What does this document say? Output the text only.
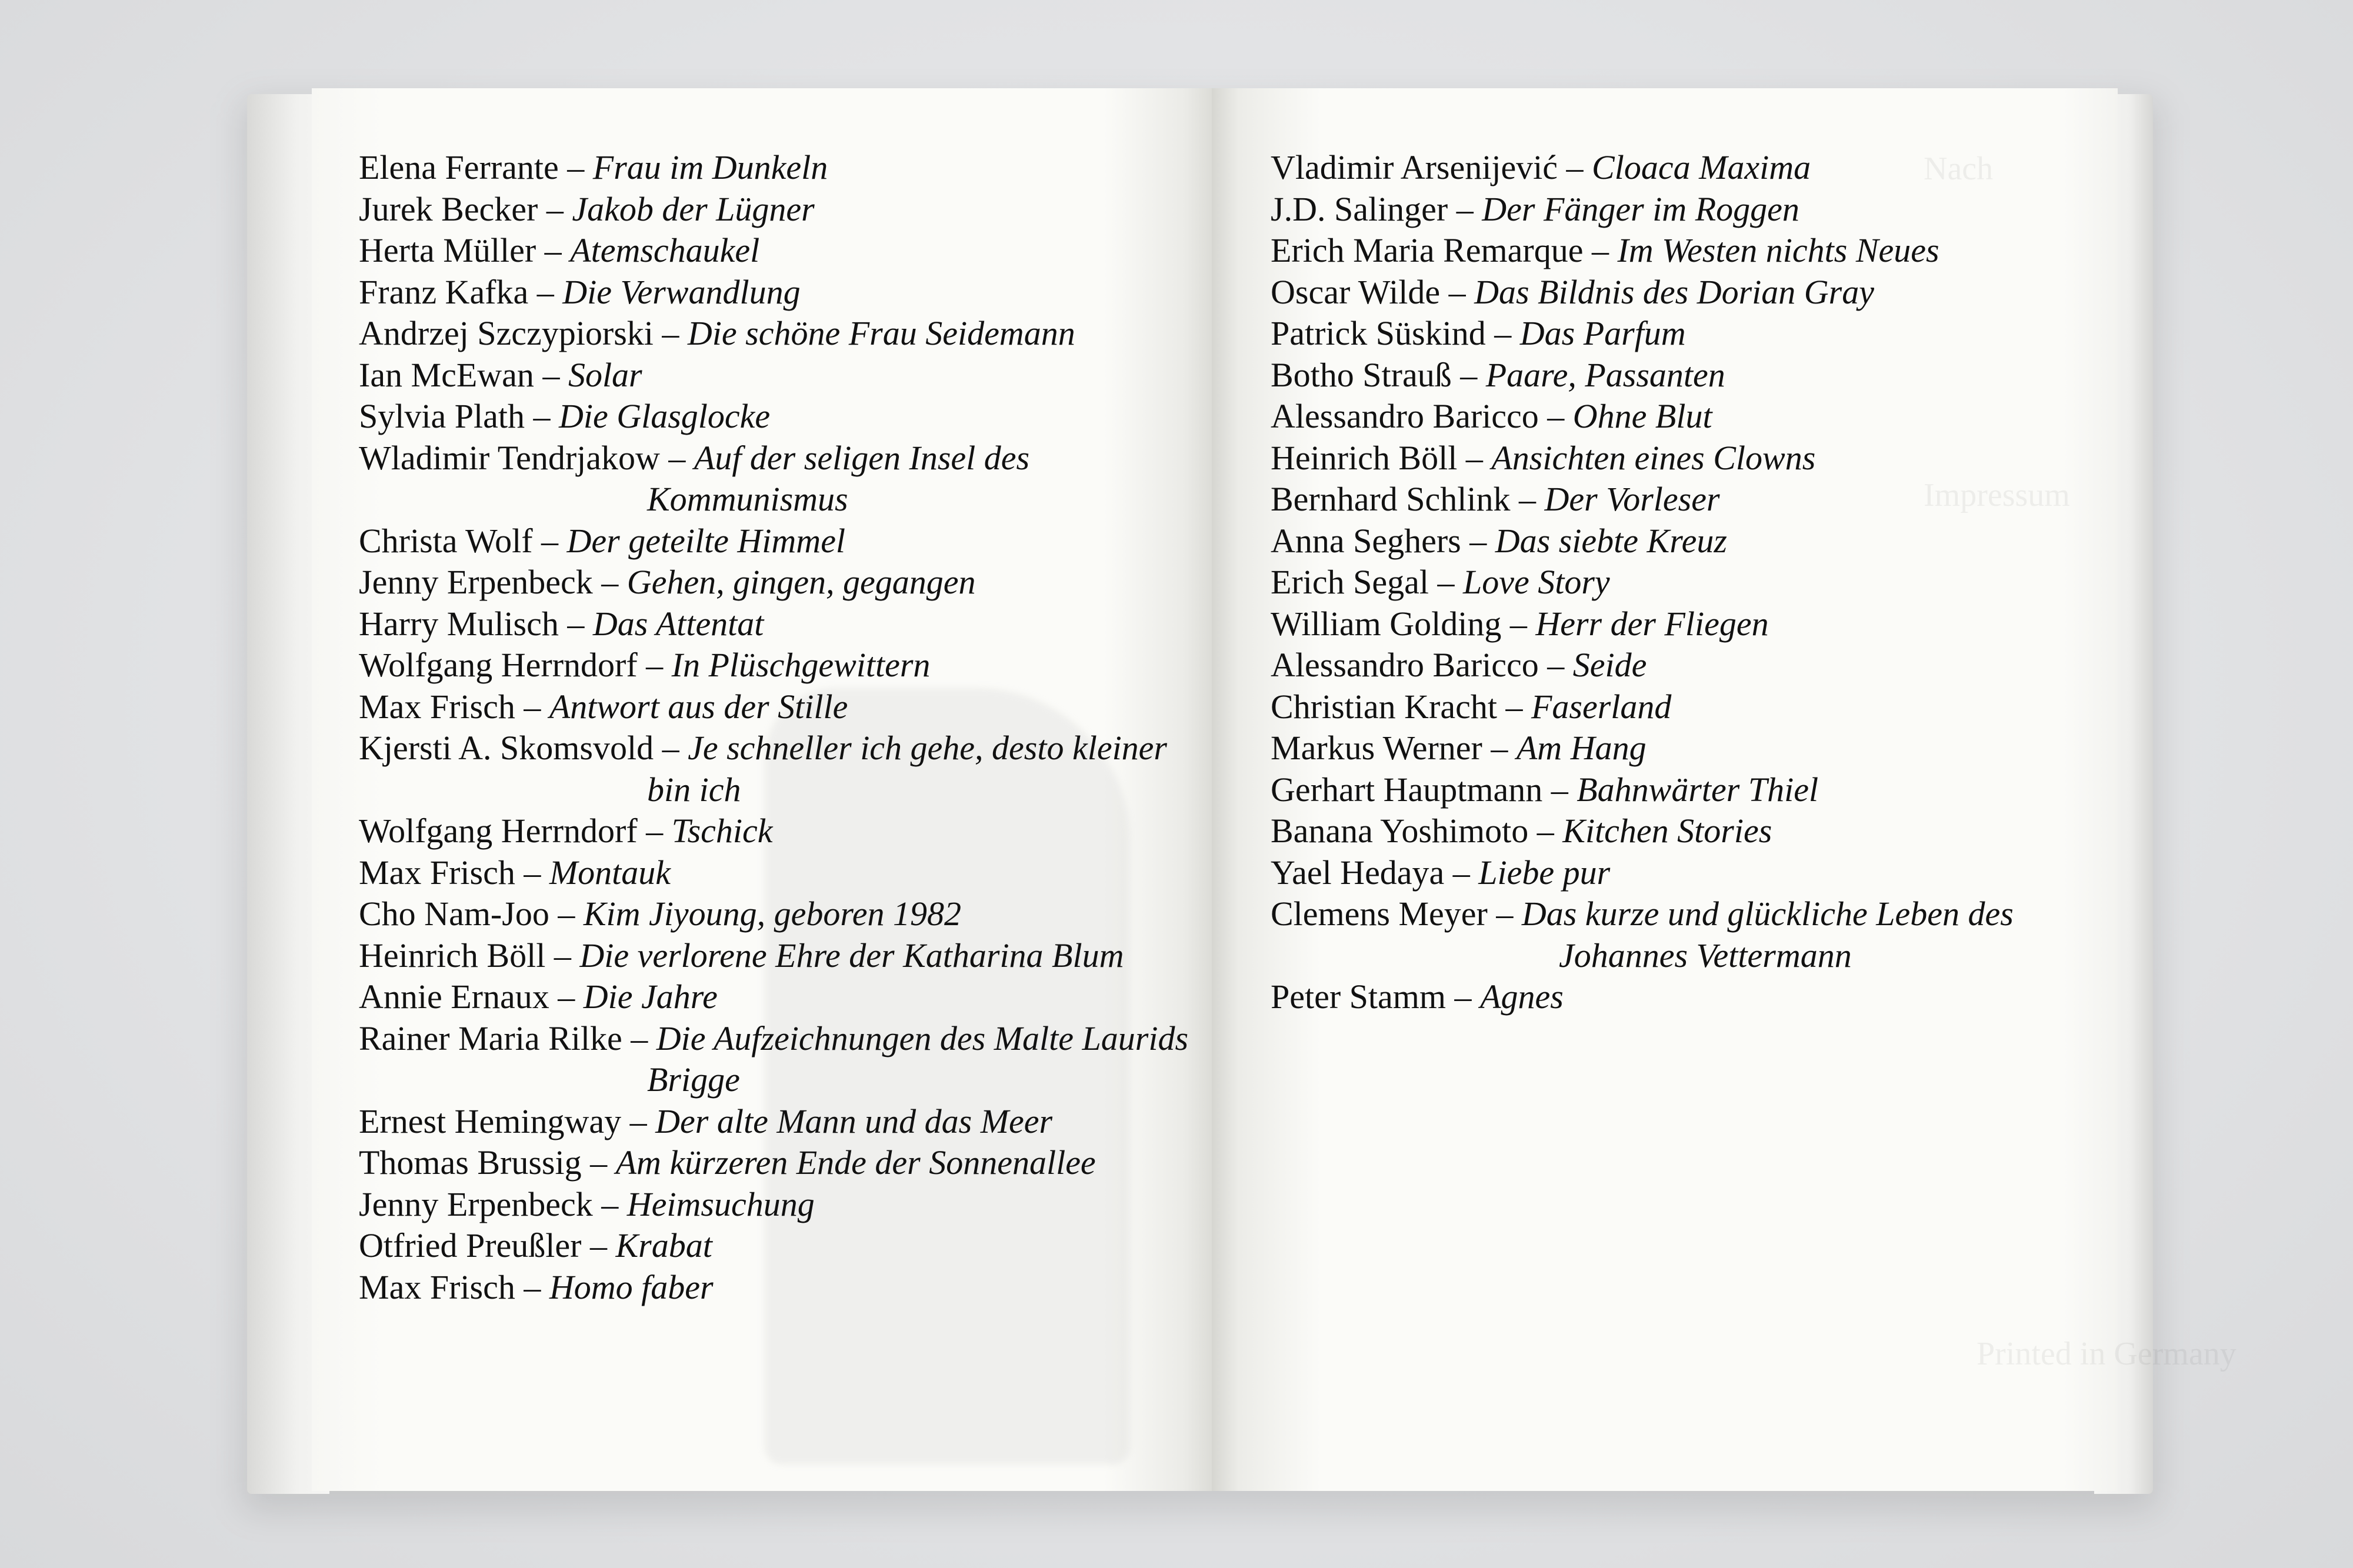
Elena Ferrante – Frau im Dunkeln
Jurek Becker – Jakob der Lügner
Herta Müller – Atemschaukel
Franz Kafka – Die Verwandlung
Andrzej Szczypiorski – Die schöne Frau Seidemann
Ian McEwan – Solar
Sylvia Plath – Die Glasglocke
Wladimir Tendrjakow – Auf der seligen Insel des Kommunismus
Christa Wolf – Der geteilte Himmel
Jenny Erpenbeck – Gehen, gingen, gegangen
Harry Mulisch – Das Attentat
Wolfgang Herrndorf – In Plüschgewittern
Max Frisch – Antwort aus der Stille
Kjersti A. Skomsvold – Je schneller ich gehe, desto kleiner bin ich
Wolfgang Herrndorf – Tschick
Max Frisch – Montauk
Cho Nam-Joo – Kim Jiyoung, geboren 1982
Heinrich Böll – Die verlorene Ehre der Katharina Blum
Annie Ernaux – Die Jahre
Rainer Maria Rilke – Die Aufzeichnungen des Malte Laurids Brigge
Ernest Hemingway – Der alte Mann und das Meer
Thomas Brussig – Am kürzeren Ende der Sonnenallee
Jenny Erpenbeck – Heimsuchung
Otfried Preußler – Krabat
Max Frisch – Homo faber
Nach
Impressum
Printed in Germany
Vladimir Arsenijević – Cloaca Maxima
J.D. Salinger – Der Fänger im Roggen
Erich Maria Remarque – Im Westen nichts Neues
Oscar Wilde – Das Bildnis des Dorian Gray
Patrick Süskind – Das Parfum
Botho Strauß – Paare, Passanten
Alessandro Baricco – Ohne Blut
Heinrich Böll – Ansichten eines Clowns
Bernhard Schlink – Der Vorleser
Anna Seghers – Das siebte Kreuz
Erich Segal – Love Story
William Golding – Herr der Fliegen
Alessandro Baricco – Seide
Christian Kracht – Faserland
Markus Werner – Am Hang
Gerhart Hauptmann – Bahnwärter Thiel
Banana Yoshimoto – Kitchen Stories
Yael Hedaya – Liebe pur
Clemens Meyer – Das kurze und glückliche Leben des Johannes Vettermann
Peter Stamm – Agnes
